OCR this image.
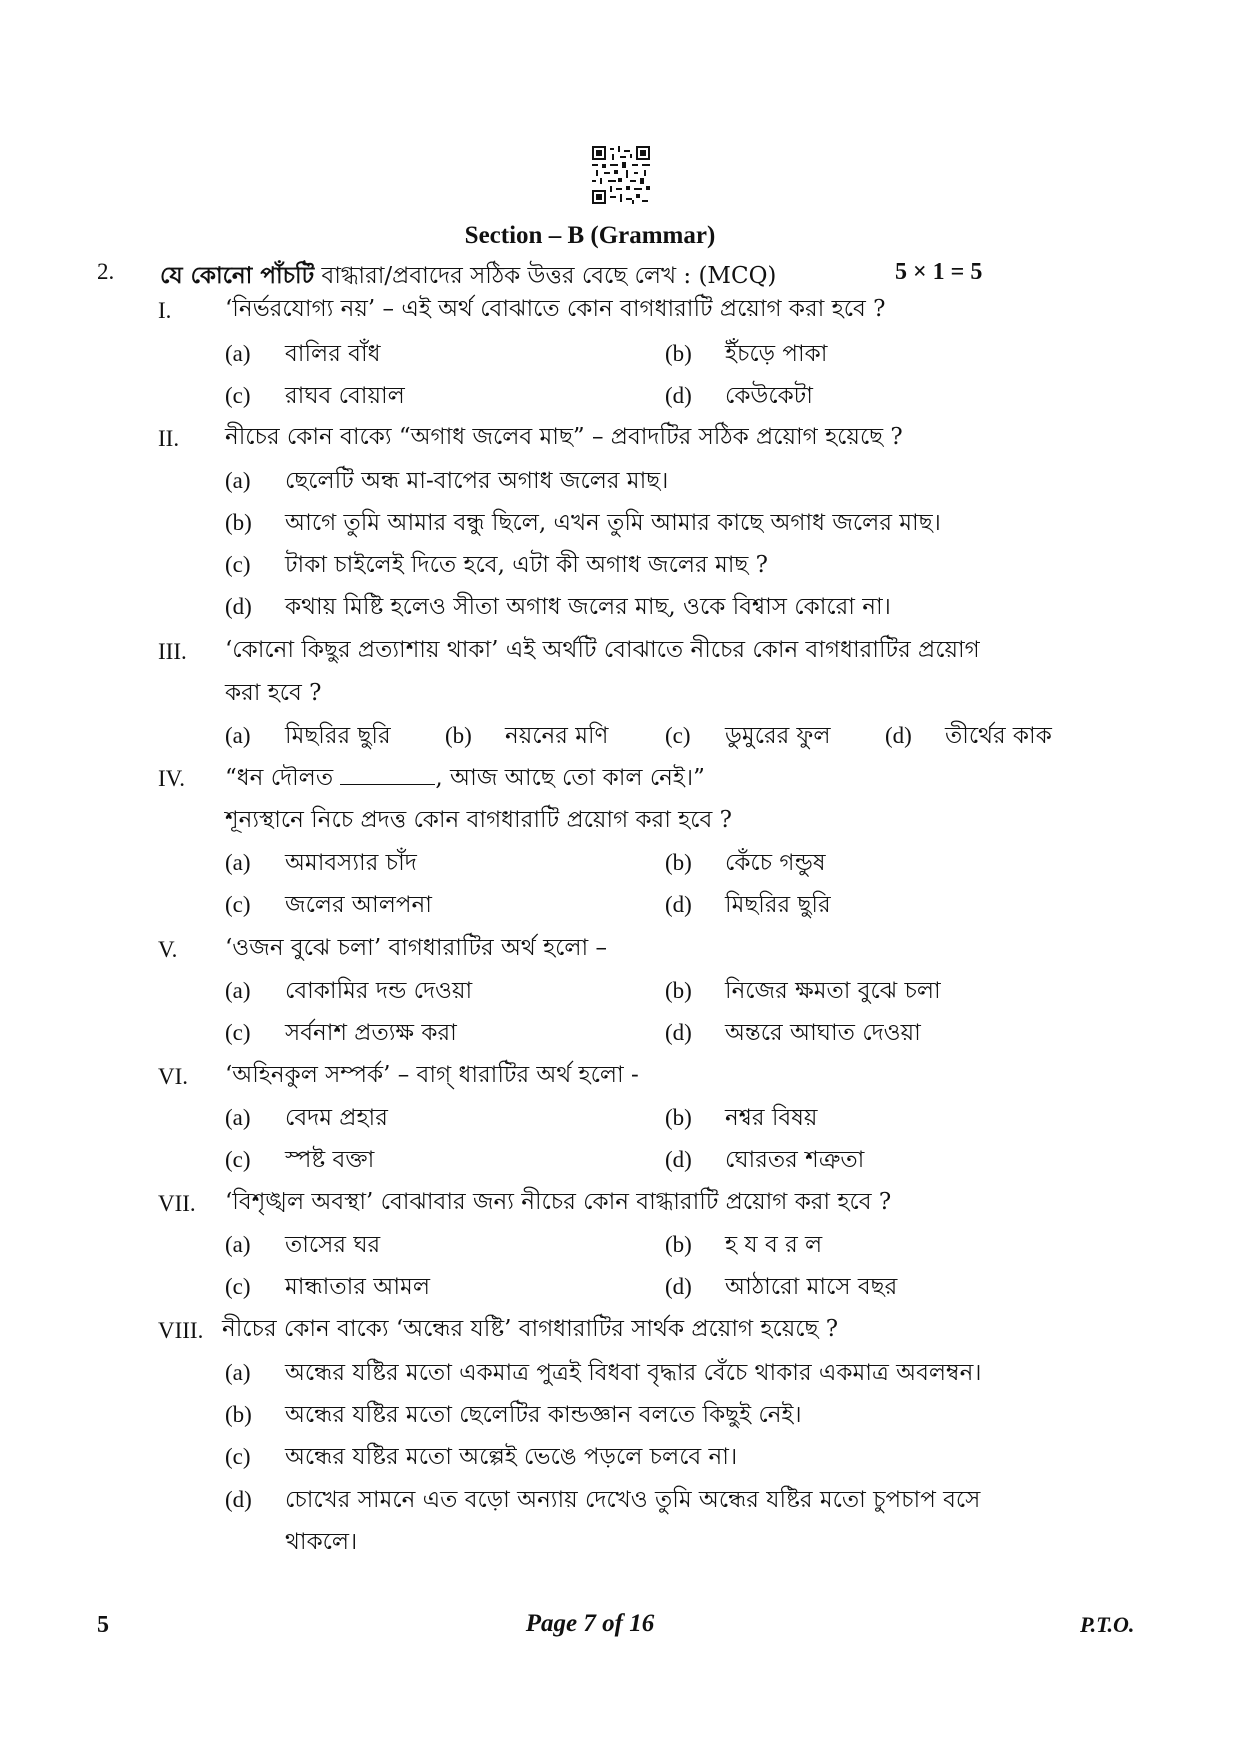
Section – B (Grammar)
2. যে কোনো পাঁচটি বাগ্ধারা/প্রবাদের সঠিক উত্তর বেছে লেখ : (MCQ)	5 × 1 = 5
I. ‘নির্ভরযোগ্য নয়’ – এই অর্থ বোঝাতে কোন বাগধারাটি প্রয়োগ করা হবে ?
(a) বালির বাঁধ	(b) ইঁচড়ে পাকা
(c) রাঘব বোয়াল	(d) কেউকেটা
II. নীচের কোন বাক্যে “অগাধ জলেব মাছ” – প্রবাদটির সঠিক প্রয়োগ হয়েছে ?
(a) ছেলেটি অন্ধ মা-বাপের অগাধ জলের মাছ।
(b) আগে তুমি আমার বন্ধু ছিলে, এখন তুমি আমার কাছে অগাধ জলের মাছ।
(c) টাকা চাইলেই দিতে হবে, এটা কী অগাধ জলের মাছ ?
(d) কথায় মিষ্টি হলেও সীতা অগাধ জলের মাছ, ওকে বিশ্বাস কোরো না।
III. ‘কোনো কিছুর প্রত্যাশায় থাকা’ এই অর্থটি বোঝাতে নীচের কোন বাগধারাটির প্রয়োগ
করা হবে ?
(a) মিছরির ছুরি (b) নয়নের মণি (c) ডুমুরের ফুল (d) তীর্থের কাক
IV. “ধন দৌলত	, আজ আছে তো কাল নেই।”
শূন্যস্থানে নিচে প্রদত্ত কোন বাগধারাটি প্রয়োগ করা হবে ?
(a) অমাবস্যার চাঁদ	(b) কেঁচে গন্ডুষ
(c) জলের আলপনা	(d) মিছরির ছুরি
V. ‘ওজন বুঝে চলা’ বাগধারাটির অর্থ হলো –
(a) বোকামির দন্ড দেওয়া	(b) নিজের ক্ষমতা বুঝে চলা
(c) সর্বনাশ প্রত্যক্ষ করা	(d) অন্তরে আঘাত দেওয়া
VI. ‘অহিনকুল সম্পর্ক’ – বাগ্ ধারাটির অর্থ হলো -
(a) বেদম প্রহার	(b) নশ্বর বিষয়
(c) স্পষ্ট বক্তা	(d) ঘোরতর শত্রুতা
VII. ‘বিশৃঙ্খল অবস্থা’ বোঝাবার জন্য নীচের কোন বাগ্ধারাটি প্রয়োগ করা হবে ?
(a) তাসের ঘর	(b) হ য ব র ল
(c) মান্ধাতার আমল	(d) আঠারো মাসে বছর
VIII. নীচের কোন বাক্যে ‘অন্ধের যষ্টি’ বাগধারাটির সার্থক প্রয়োগ হয়েছে ?
(a) অন্ধের যষ্টির মতো একমাত্র পুত্রই বিধবা বৃদ্ধার বেঁচে থাকার একমাত্র অবলম্বন।
(b) অন্ধের যষ্টির মতো ছেলেটির কান্ডজ্ঞান বলতে কিছুই নেই।
(c) অন্ধের যষ্টির মতো অল্পেই ভেঙে পড়লে চলবে না।
(d) চোখের সামনে এত বড়ো অন্যায় দেখেও তুমি অন্ধের যষ্টির মতো চুপচাপ বসে
থাকলে।
5	Page 7 of 16	P.T.O.
